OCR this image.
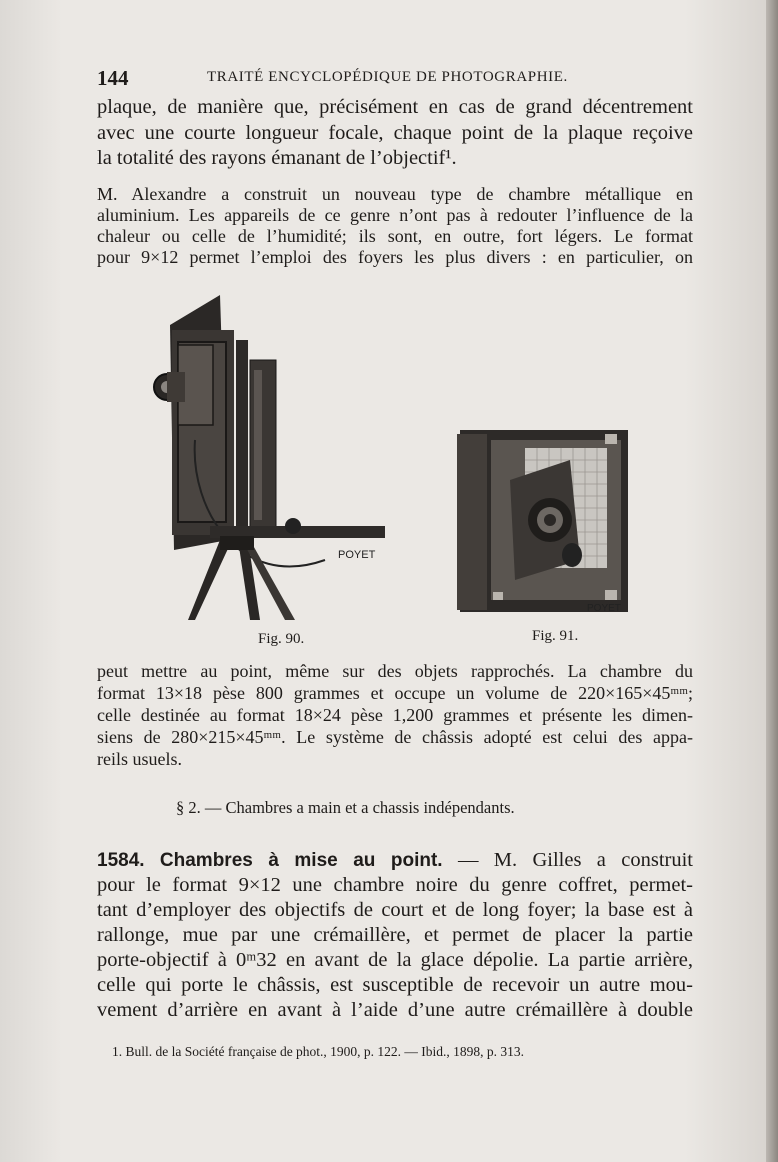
144	TRAITÉ ENCYCLOPÉDIQUE DE PHOTOGRAPHIE.
plaque, de manière que, précisément en cas de grand décentrement
avec une courte longueur focale, chaque point de la plaque reçoive
la totalité des rayons émanant de l’objectif¹.
M. Alexandre a construit un nouveau type de chambre métallique en
aluminium. Les appareils de ce genre n’ont pas à redouter l’influence de la
chaleur ou celle de l’humidité; ils sont, en outre, fort légers. Le format
pour 9×12 permet l’emploi des foyers les plus divers : en particulier, on
POYET
Fig. 90.
POYET
Fig. 91.
peut mettre au point, même sur des objets rapprochés. La chambre du
format 13×18 pèse 800 grammes et occupe un volume de 220×165×45ᵐᵐ;
celle destinée au format 18×24 pèse 1,200 grammes et présente les dimen-
siens de 280×215×45ᵐᵐ. Le système de châssis adopté est celui des appa-
reils usuels.
§ 2. — Chambres a main et a chassis indépendants.
1584. Chambres à mise au point. — M. Gilles a construit
pour le format 9×12 une chambre noire du genre coffret, permet-
tant d’employer des objectifs de court et de long foyer; la base est à
rallonge, mue par une crémaillère, et permet de placer la partie
porte-objectif à 0ᵐ32 en avant de la glace dépolie. La partie arrière,
celle qui porte le châssis, est susceptible de recevoir un autre mou-
vement d’arrière en avant à l’aide d’une autre crémaillère à double
1. Bull. de la Société française de phot., 1900, p. 122. — Ibid., 1898, p. 313.
